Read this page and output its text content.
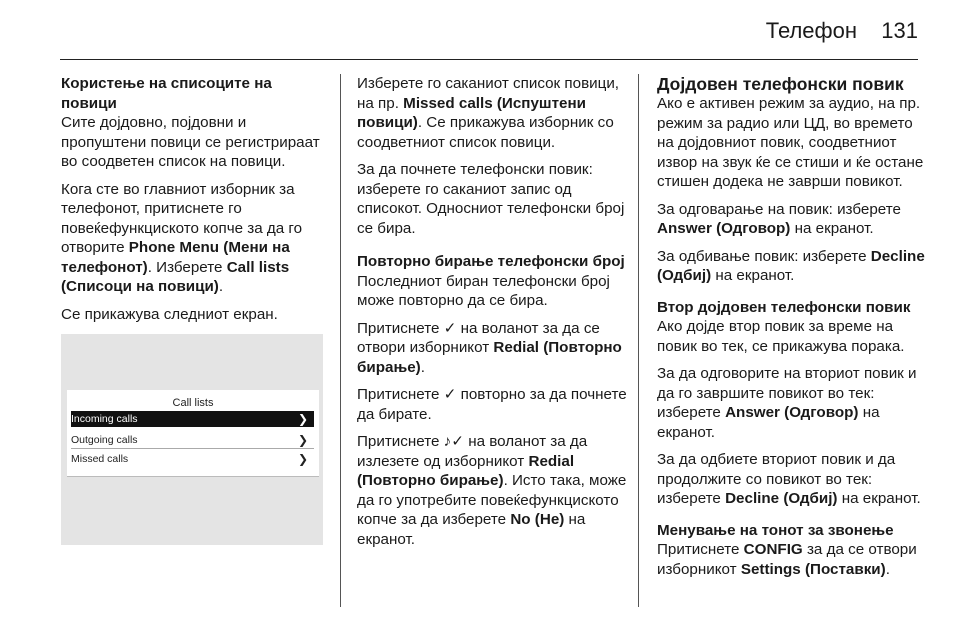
Телефон 131
Користење на списоците на повици

Сите дојдовно, појдовни и пропуштени повици се регистрираат во соодветен список на повици.

Кога сте во главниот изборник за телефонот, притиснете го повеќефункциското копче за да го отворите Phone Menu (Мени на телефонот). Изберете Call lists (Списоци на повици).

Се прикажува следниот екран.

Call lists
Incoming calls	❯
Outgoing calls	❯
Missed calls	❯

Изберете го саканиот список повици, на пр. Missed calls (Испуштени повици). Се прикажува изборник со соодветниот список повици.

За да почнете телефонски повик: изберете го саканиот запис од списокот. Односниот телефонски број се бира.

Повторно бирање телефонски број

Последниот биран телефонски број може повторно да се бира.

Притиснете ✓ на воланот за да се отвори изборникот Redial (Повторно бирање).

Притиснете ✓ повторно за да почнете да бирате.

Притиснете ♪✓ на воланот за да излезете од изборникот Redial (Повторно бирање). Исто така, може да го употребите повеќефункциското копче за да изберете No (Не) на екранот.

Дојдовен телефонски повик

Ако е активен режим за аудио, на пр. режим за радио или ЦД, во времето на дојдовниот повик, соодветниот извор на звук ќе се стиши и ќе остане стишен додека не заврши повикот.

За одговарање на повик: изберете Answer (Одговор) на екранот.

За одбивање повик: изберете Decline (Одбиј) на екранот.

Втор дојдовен телефонски повик

Ако дојде втор повик за време на повик во тек, се прикажува порака.

За да одговорите на вториот повик и да го завршите повикот во тек: изберете Answer (Одговор) на екранот.

За да одбиете вториот повик и да продолжите со повикот во тек: изберете Decline (Одбиј) на екранот.

Менување на тонот за звонење

Притиснете CONFIG за да се отвори изборникот Settings (Поставки).
